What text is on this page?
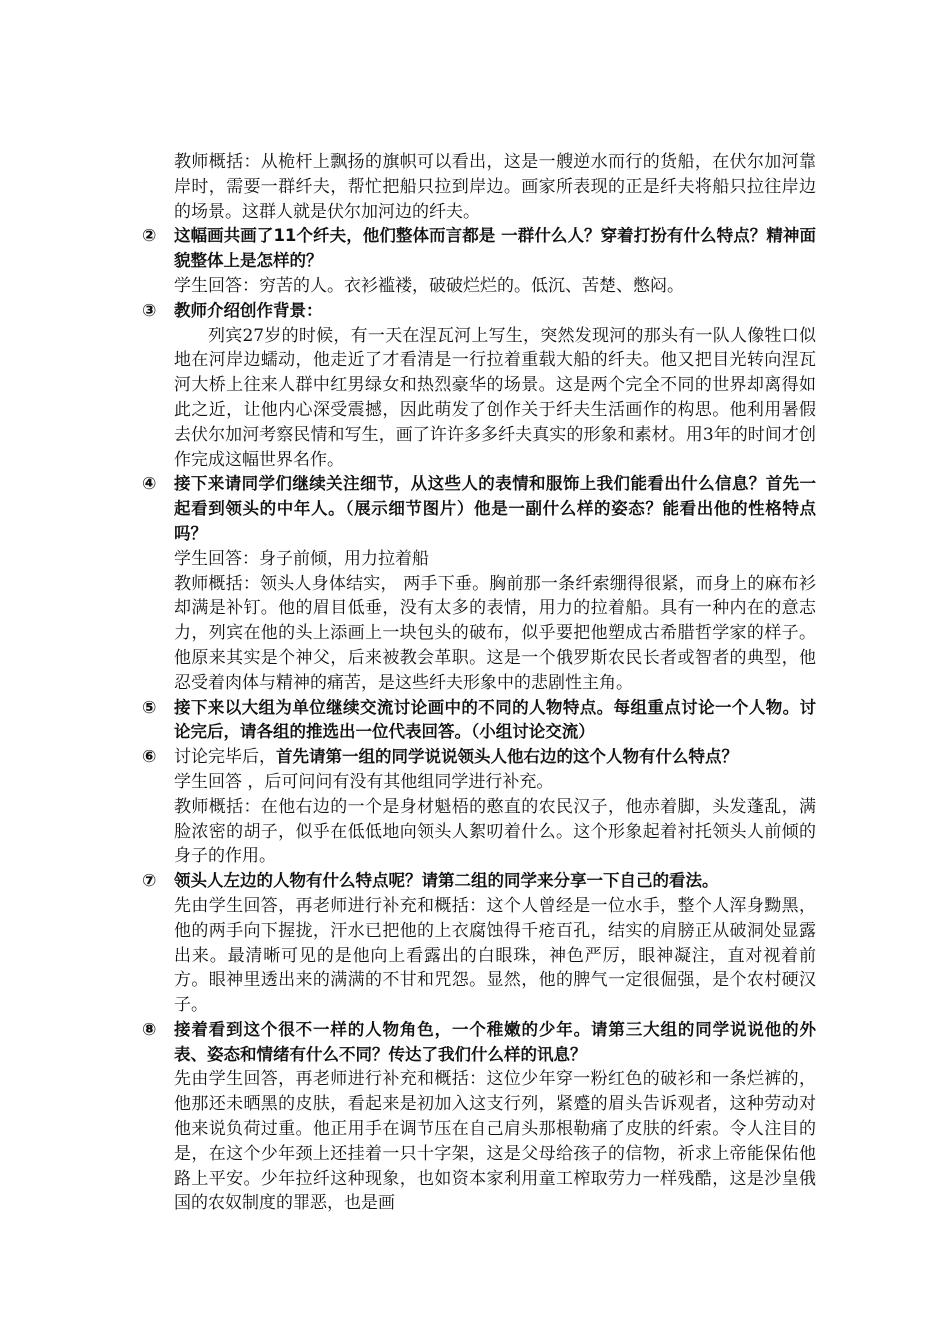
教师概括：从桅杆上飘扬的旗帜可以看出，这是一艘逆水而行的货船，在伏尔加河靠岸时，需要一群纤夫，帮忙把船只拉到岸边。画家所表现的正是纤夫将船只拉往岸边的场景。这群人就是伏尔加河边的纤夫。

②	这幅画共画了11个纤夫，他们整体而言都是 一群什么人？穿着打扮有什么特点？精神面貌整体上是怎样的？

学生回答：穷苦的人。衣衫褴褛，破破烂烂的。低沉、苦楚、憋闷。

③	教师介绍创作背景：

列宾27岁的时候，有一天在涅瓦河上写生，突然发现河的那头有一队人像牲口似地在河岸边蠕动，他走近了才看清是一行拉着重载大船的纤夫。他又把目光转向涅瓦河大桥上往来人群中红男绿女和热烈豪华的场景。这是两个完全不同的世界却离得如此之近，让他内心深受震撼，因此萌发了创作关于纤夫生活画作的构思。他利用暑假去伏尔加河考察民情和写生，画了许许多多纤夫真实的形象和素材。用3年的时间才创作完成这幅世界名作。

④	接下来请同学们继续关注细节，从这些人的表情和服饰上我们能看出什么信息？首先一起看到领头的中年人。（展示细节图片）他是一副什么样的姿态？能看出他的性格特点吗？

学生回答：身子前倾，用力拉着船

教师概括：领头人身体结实， 两手下垂。胸前那一条纤索绷得很紧，而身上的麻布衫却满是补钉。他的眉目低垂，没有太多的表情，用力的拉着船。具有一种内在的意志力，列宾在他的头上添画上一块包头的破布，似乎要把他塑成古希腊哲学家的样子。他原来其实是个神父，后来被教会革职。这是一个俄罗斯农民长者或智者的典型，他忍受着肉体与精神的痛苦，是这些纤夫形象中的悲剧性主角。

⑤	接下来以大组为单位继续交流讨论画中的不同的人物特点。每组重点讨论一个人物。讨论完后，请各组的推选出一位代表回答。（小组讨论交流）

⑥	讨论完毕后，首先请第一组的同学说说领头人他右边的这个人物有什么特点？

学生回答 ，后可问问有没有其他组同学进行补充。

教师概括：在他右边的一个是身材魁梧的憨直的农民汉子，他赤着脚，头发蓬乱，满脸浓密的胡子，似乎在低低地向领头人絮叨着什么。这个形象起着衬托领头人前倾的身子的作用。

⑦	领头人左边的人物有什么特点呢？请第二组的同学来分享一下自己的看法。

先由学生回答，再老师进行补充和概括：这个人曾经是一位水手，整个人浑身黝黑，他的两手向下握拢，汗水已把他的上衣腐蚀得千疮百孔，结实的肩膀正从破洞处显露出来。最清晰可见的是他向上看露出的白眼珠，神色严厉，眼神凝注，直对视着前方。眼神里透出来的满满的不甘和咒怨。显然，他的脾气一定很倔强，是个农村硬汉子。

⑧	接着看到这个很不一样的人物角色，一个稚嫩的少年。请第三大组的同学说说他的外表、姿态和情绪有什么不同？传达了我们什么样的讯息？

先由学生回答，再老师进行补充和概括：这位少年穿一粉红色的破衫和一条烂裤的，他那还未晒黑的皮肤，看起来是初加入这支行列，紧蹙的眉头告诉观者，这种劳动对他来说负荷过重。他正用手在调节压在自己肩头那根勒痛了皮肤的纤索。令人注目的是，在这个少年颈上还挂着一只十字架，这是父母给孩子的信物，祈求上帝能保佑他路上平安。少年拉纤这种现象，也如资本家利用童工榨取劳力一样残酷，这是沙皇俄国的农奴制度的罪恶，也是画
